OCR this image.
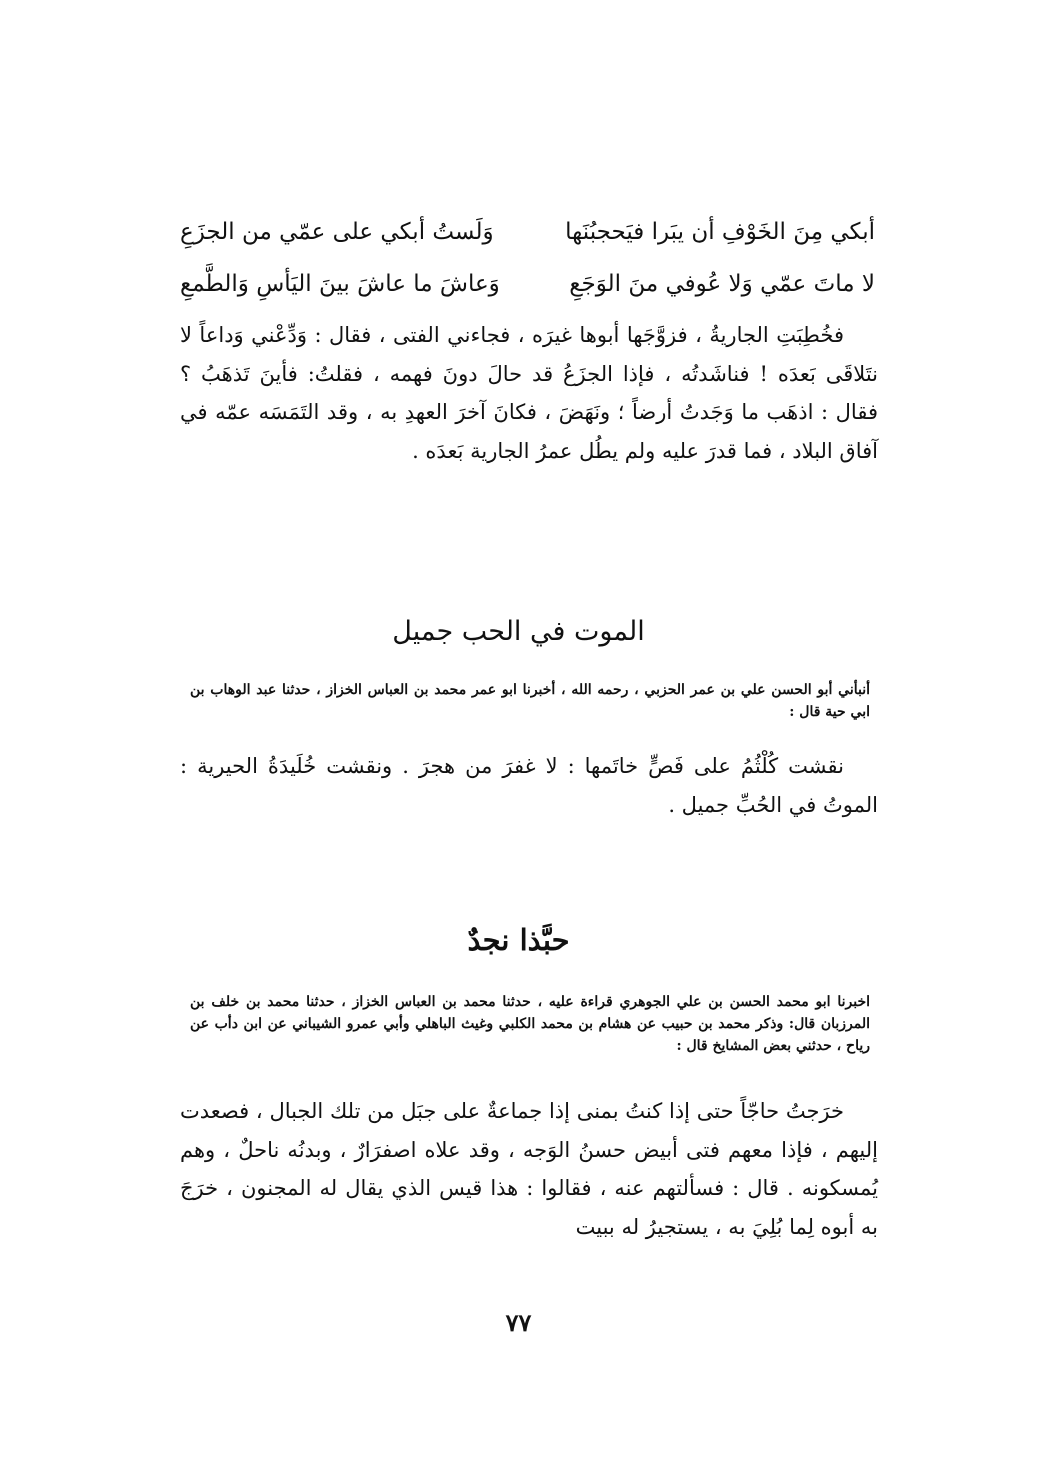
أبكي مِنَ الخَوْفِ أن يبَرا فيَحجبُنَها
وَلَستُ أبكي على عمّي من الجزَعِ
لا ماتَ عمّي وَلا عُوفي منَ الوَجَعِ
وَعاشَ ما عاشَ بينَ اليَأسِ وَالطَّمعِ
فخُطِبَتِ الجاريةُ ، فزوَّجَها أبوها غيرَه ، فجاءني الفتى ، فقال : وَدِّعْني وَداعاً لا نتَلاقَى بَعدَه ! فناشَدتُه ، فإذا الجزَعُ قد حالَ دونَ فهمه ، فقلتُ: فأينَ تَذهَبُ ؟ فقال : اذهَب ما وَجَدتُ أرضاً ؛ ونَهَضَ ، فكانَ آخرَ العهدِ به ، وقد التَمَسَه عمّه في آفاق البلاد ، فما قدرَ عليه ولم يطُل عمرُ الجارية بَعدَه .
الموت في الحب جميل
أنبأني أبو الحسن علي بن عمر الحزبي ، رحمه الله ، أخبرنا ابو عمر محمد بن العباس الخزاز ، حدثنا عبد الوهاب بن ابي حية قال :
نقشت كُلْثُمُ على فَصٍّ خاتَمها : لا غفرَ من هجرَ . ونقشت خُلَيدَةُ الحيرية : الموتُ في الحُبِّ جميل .
حبَّذا نجدٌ
اخبرنا ابو محمد الحسن بن علي الجوهري قراءة عليه ، حدثنا محمد بن العباس الخزاز ، حدثنا محمد بن خلف بن المرزبان قال: وذكر محمد بن حبيب عن هشام بن محمد الكلبي وغيث الباهلي وأبي عمرو الشيباني عن ابن دأب عن رياح ، حدثني بعض المشايخ قال :
خرَجتُ حاجّاً حتى إذا كنتُ بمنى إذا جماعةٌ على جبَل من تلك الجبال ، فصعدت إليهم ، فإذا معهم فتى أبيض حسنُ الوَجه ، وقد علاه اصفرَارٌ ، وبدنُه ناحلٌ ، وهم يُمسكونه . قال : فسألتهم عنه ، فقالوا : هذا قيس الذي يقال له المجنون ، خرَجَ به أبوه لِما بُلِيَ به ، يستجيرُ له ببيت
٧٧
